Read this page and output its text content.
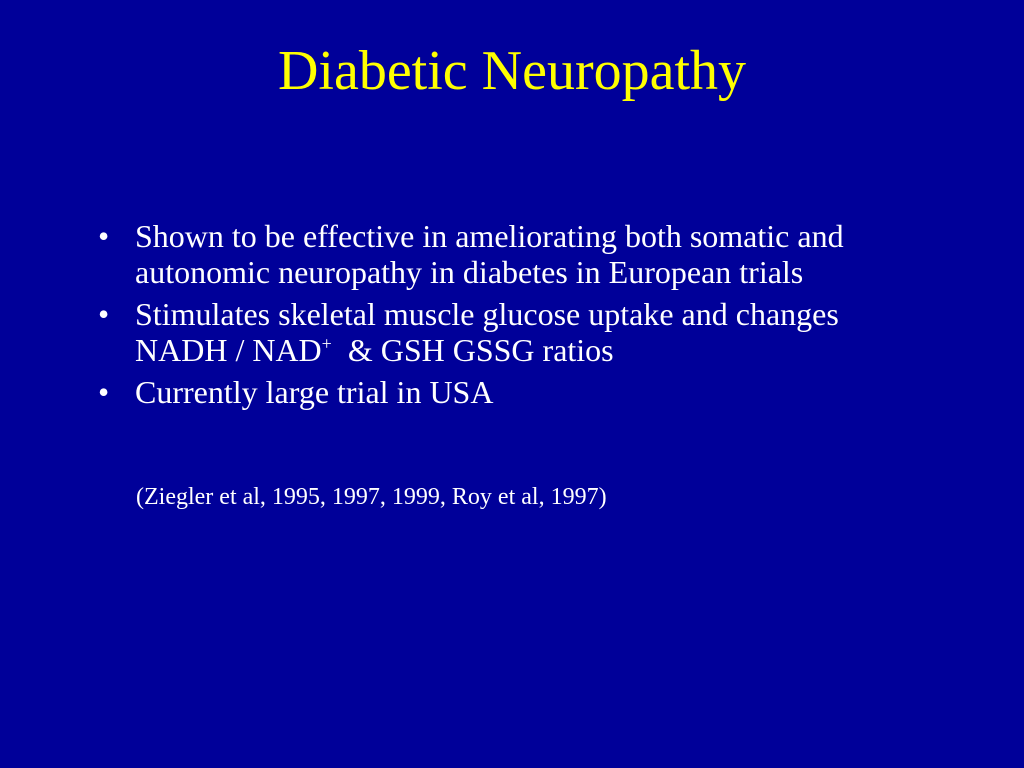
Diabetic Neuropathy
• Shown to be effective in ameliorating both somatic and autonomic neuropathy in diabetes in European trials
• Stimulates skeletal muscle glucose uptake and changes NADH / NAD+  & GSH GSSG ratios
• Currently large trial in USA
(Ziegler et al, 1995, 1997, 1999, Roy et al, 1997)
